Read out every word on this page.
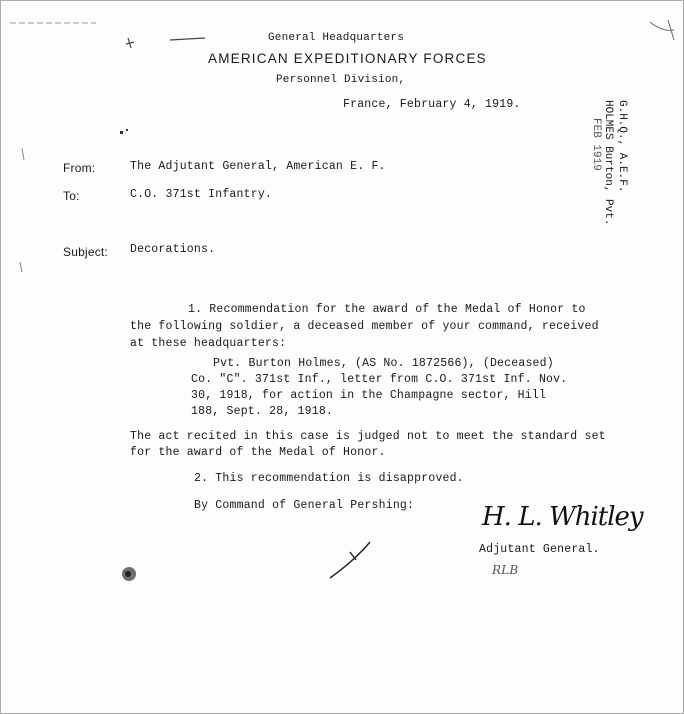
General Headquarters
AMERICAN EXPEDITIONARY FORCES
Personnel Division,
France, February 4, 1919.	G.H.Q., A.E.F.
HOLMES Burton, Pvt.
FEB 1919
From:	The Adjutant General, American E. F.
To:	C.O. 371st Infantry.
Subject: Decorations.
1. Recommendation for the award of the Medal of Honor to
the following soldier, a deceased member of your command, received
at these headquarters:
Pvt. Burton Holmes, (AS No. 1872566), (Deceased)
Co. "C". 371st Inf., letter from C.O. 371st Inf. Nov.
30, 1918, for action in the Champagne sector, Hill
188, Sept. 28, 1918.
The act recited in this case is judged not to meet the standard set
for the award of the Medal of Honor.
2. This recommendation is disapproved.
By Command of General Pershing:	H. L. Whitley
Adjutant General.
RLB
